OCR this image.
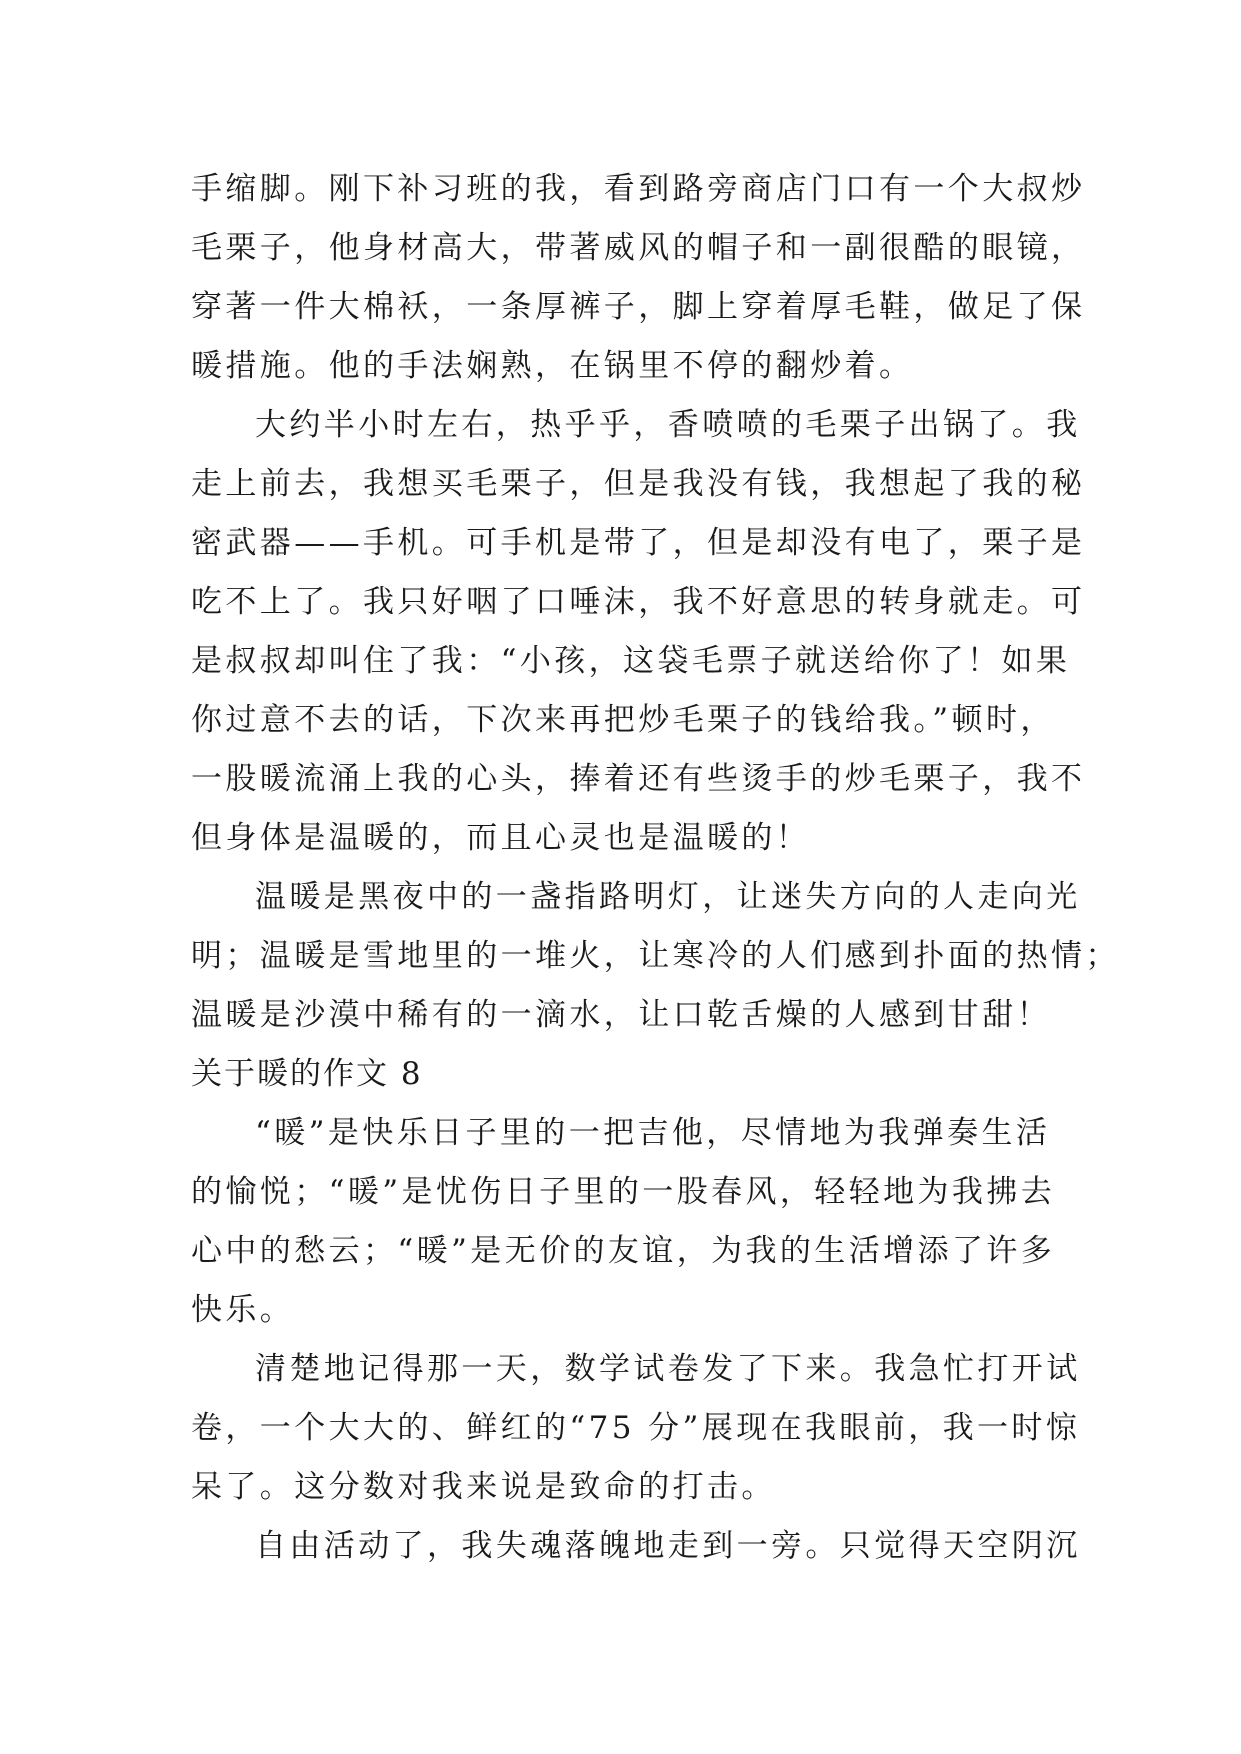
手缩脚。刚下补习班的我，看到路旁商店门口有一个大叔炒
毛栗子，他身材高大，带著威风的帽子和一副很酷的眼镜，
穿著一件大棉袄，一条厚裤子，脚上穿着厚毛鞋，做足了保
暖措施。他的手法娴熟，在锅里不停的翻炒着。
大约半小时左右，热乎乎，香喷喷的毛栗子出锅了。我
走上前去，我想买毛栗子，但是我没有钱，我想起了我的秘
密武器——手机。可手机是带了，但是却没有电了，栗子是
吃不上了。我只好咽了口唾沫，我不好意思的转身就走。可
是叔叔却叫住了我：“小孩，这袋毛票子就送给你了！如果
你过意不去的话，下次来再把炒毛栗子的钱给我。”顿时，
一股暖流涌上我的心头，捧着还有些烫手的炒毛栗子，我不
但身体是温暖的，而且心灵也是温暖的！
温暖是黑夜中的一盏指路明灯，让迷失方向的人走向光
明；温暖是雪地里的一堆火，让寒冷的人们感到扑面的热情；
温暖是沙漠中稀有的一滴水，让口乾舌燥的人感到甘甜！
关于暖的作文 8
“暖”是快乐日子里的一把吉他，尽情地为我弹奏生活
的愉悦；“暖”是忧伤日子里的一股春风，轻轻地为我拂去
心中的愁云；“暖”是无价的友谊，为我的生活增添了许多
快乐。
清楚地记得那一天，数学试卷发了下来。我急忙打开试
卷，一个大大的、鲜红的“75 分”展现在我眼前，我一时惊
呆了。这分数对我来说是致命的打击。
自由活动了，我失魂落魄地走到一旁。只觉得天空阴沉
